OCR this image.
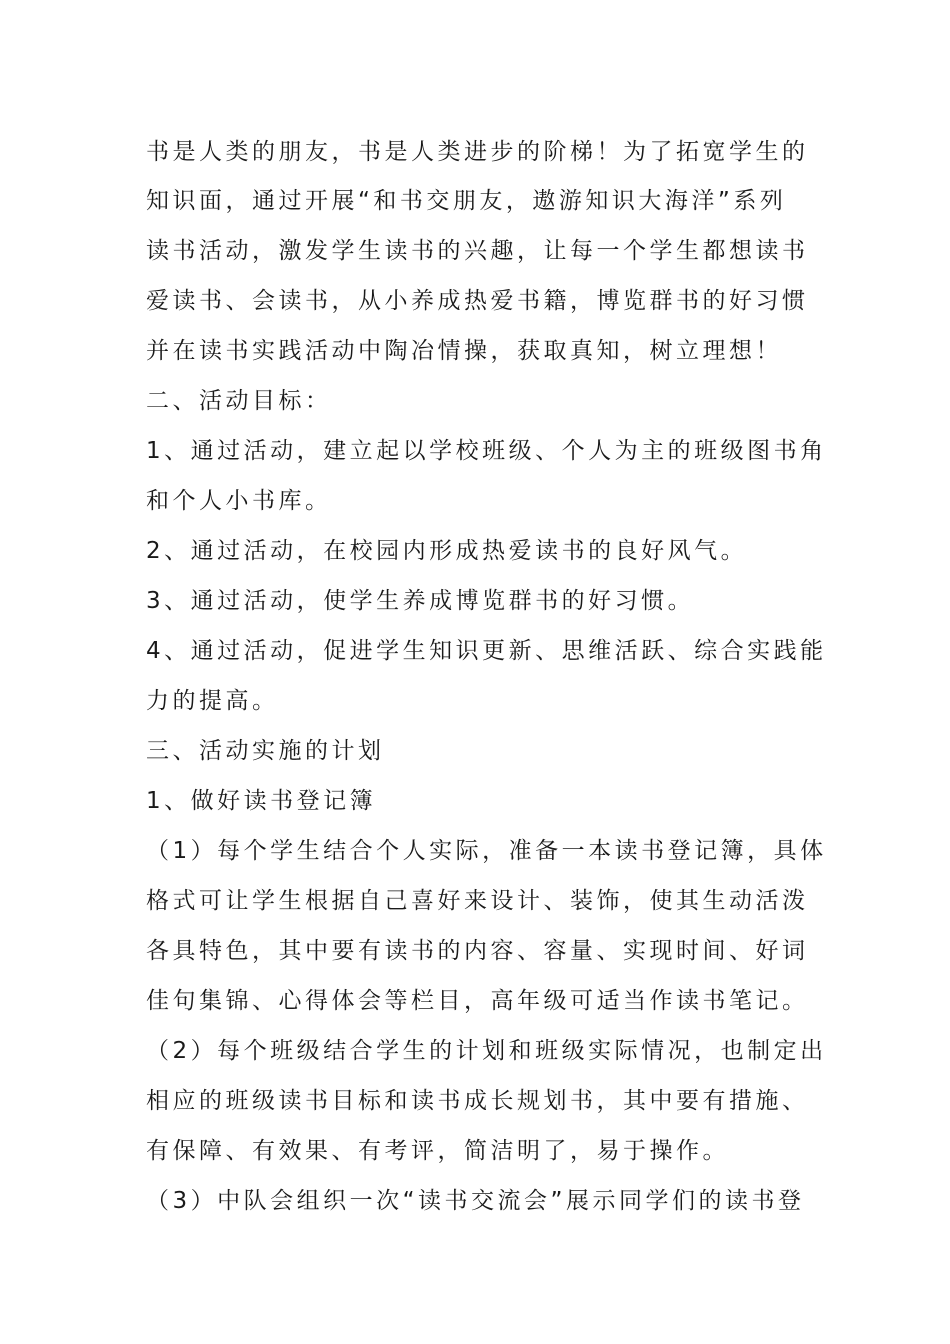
书是人类的朋友，书是人类进步的阶梯！为了拓宽学生的
知识面，通过开展“和书交朋友，遨游知识大海洋”系列
读书活动，激发学生读书的兴趣，让每一个学生都想读书
爱读书、会读书，从小养成热爱书籍，博览群书的好习惯
并在读书实践活动中陶冶情操，获取真知，树立理想！
二、活动目标：
1、通过活动，建立起以学校班级、个人为主的班级图书角
和个人小书库。
2、通过活动，在校园内形成热爱读书的良好风气。
3、通过活动，使学生养成博览群书的好习惯。
4、通过活动，促进学生知识更新、思维活跃、综合实践能
力的提高。
三、活动实施的计划
1、做好读书登记簿
（1）每个学生结合个人实际，准备一本读书登记簿，具体
格式可让学生根据自己喜好来设计、装饰，使其生动活泼
各具特色，其中要有读书的内容、容量、实现时间、好词
佳句集锦、心得体会等栏目，高年级可适当作读书笔记。
（2）每个班级结合学生的计划和班级实际情况，也制定出
相应的班级读书目标和读书成长规划书，其中要有措施、
有保障、有效果、有考评，简洁明了，易于操作。
（3）中队会组织一次“读书交流会”展示同学们的读书登
